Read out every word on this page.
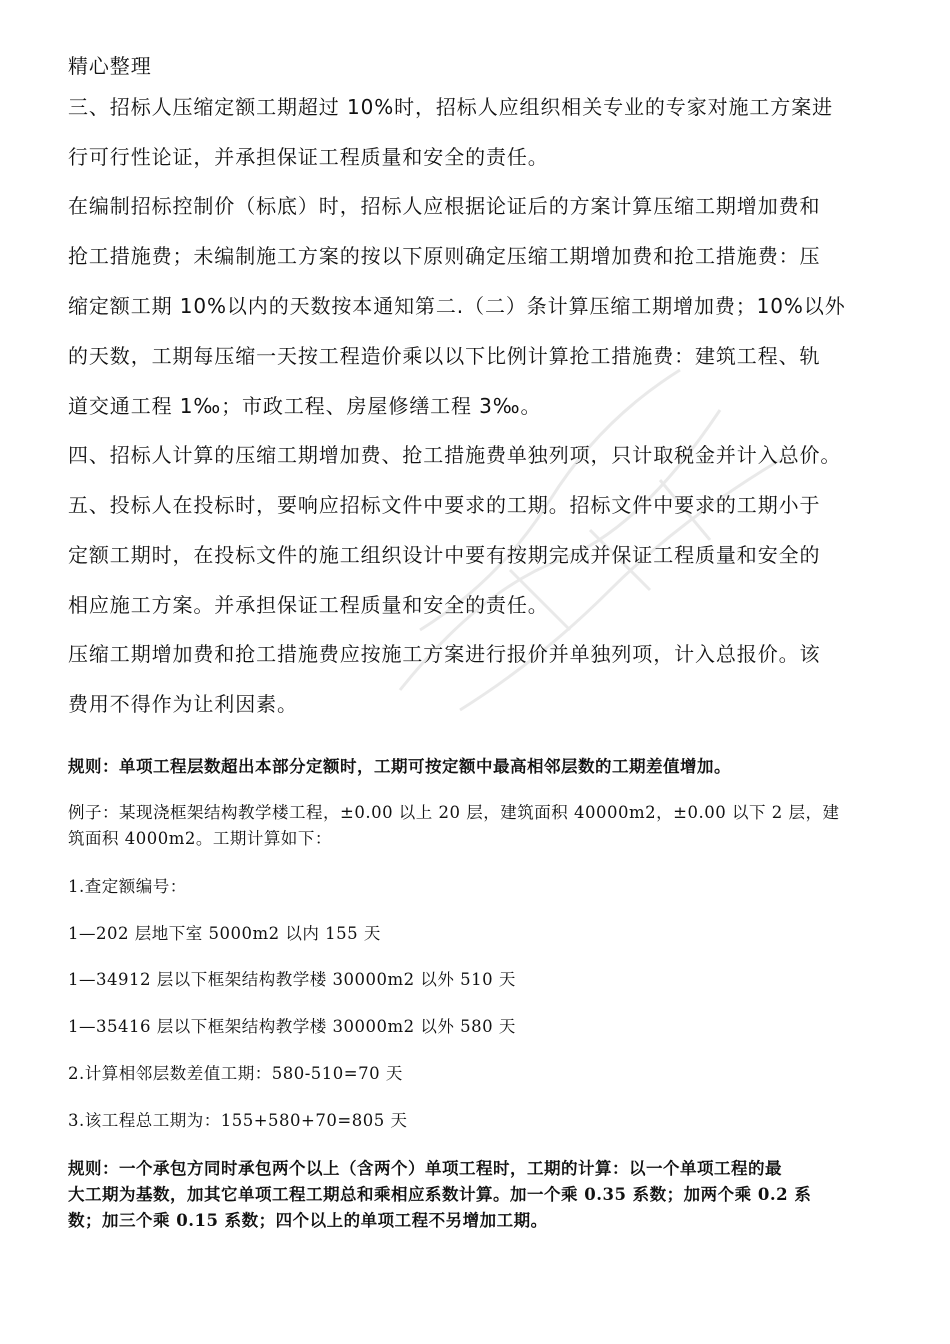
精心整理
三、招标人压缩定额工期超过 10%时，招标人应组织相关专业的专家对施工方案进
行可行性论证，并承担保证工程质量和安全的责任。
在编制招标控制价（标底）时，招标人应根据论证后的方案计算压缩工期增加费和
抢工措施费；未编制施工方案的按以下原则确定压缩工期增加费和抢工措施费：压
缩定额工期 10%以内的天数按本通知第二.（二）条计算压缩工期增加费；10%以外
的天数，工期每压缩一天按工程造价乘以以下比例计算抢工措施费：建筑工程、轨
道交通工程 1‰；市政工程、房屋修缮工程 3‰。
四、招标人计算的压缩工期增加费、抢工措施费单独列项，只计取税金并计入总价。
五、投标人在投标时，要响应招标文件中要求的工期。招标文件中要求的工期小于
定额工期时，在投标文件的施工组织设计中要有按期完成并保证工程质量和安全的
相应施工方案。并承担保证工程质量和安全的责任。
压缩工期增加费和抢工措施费应按施工方案进行报价并单独列项，计入总报价。该
费用不得作为让利因素。
规则：单项工程层数超出本部分定额时，工期可按定额中最高相邻层数的工期差值增加。
例子：某现浇框架结构教学楼工程，±0.00 以上 20 层，建筑面积 40000m2，±0.00 以下 2 层，建
筑面积 4000m2。工期计算如下：
1.查定额编号：
1—202 层地下室 5000m2 以内 155 天
1—34912 层以下框架结构教学楼 30000m2 以外 510 天
1—35416 层以下框架结构教学楼 30000m2 以外 580 天
2.计算相邻层数差值工期：580-510=70 天
3.该工程总工期为：155+580+70=805 天
规则：一个承包方同时承包两个以上（含两个）单项工程时，工期的计算：以一个单项工程的最
大工期为基数，加其它单项工程工期总和乘相应系数计算。加一个乘 0.35 系数；加两个乘 0.2 系
数；加三个乘 0.15 系数；四个以上的单项工程不另增加工期。
